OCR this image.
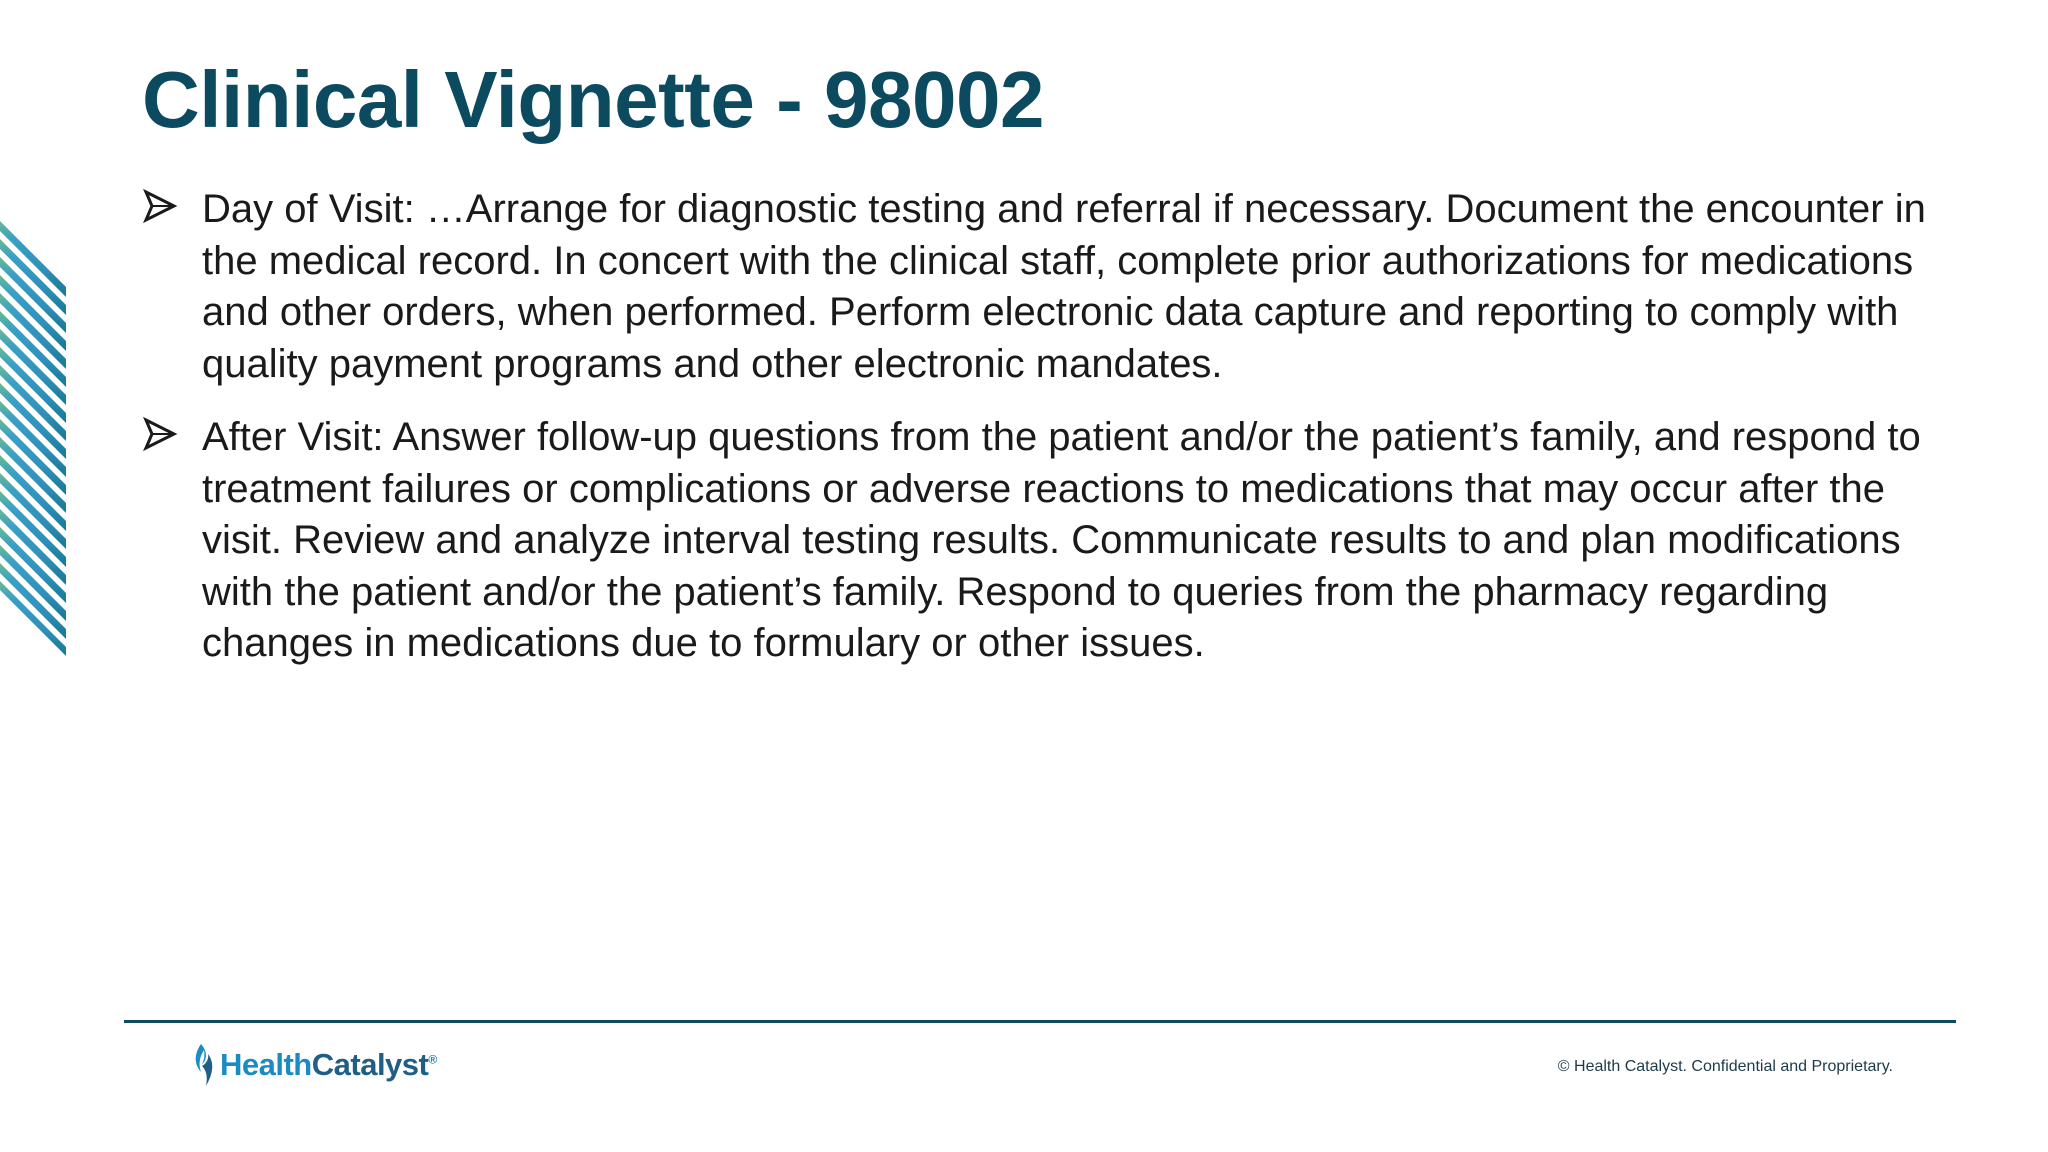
Clinical Vignette - 98002
Day of Visit: …Arrange for diagnostic testing and referral if necessary. Document the encounter in the medical record. In concert with the clinical staff, complete prior authorizations for medications and other orders, when performed. Perform electronic data capture and reporting to comply with quality payment programs and other electronic mandates.
After Visit: Answer follow-up questions from the patient and/or the patient’s family, and respond to treatment failures or complications or adverse reactions to medications that may occur after the visit. Review and analyze interval testing results. Communicate results to and plan modifications with the patient and/or the patient’s family. Respond to queries from the pharmacy regarding changes in medications due to formulary or other issues.
HealthCatalyst®	© Health Catalyst. Confidential and Proprietary.
